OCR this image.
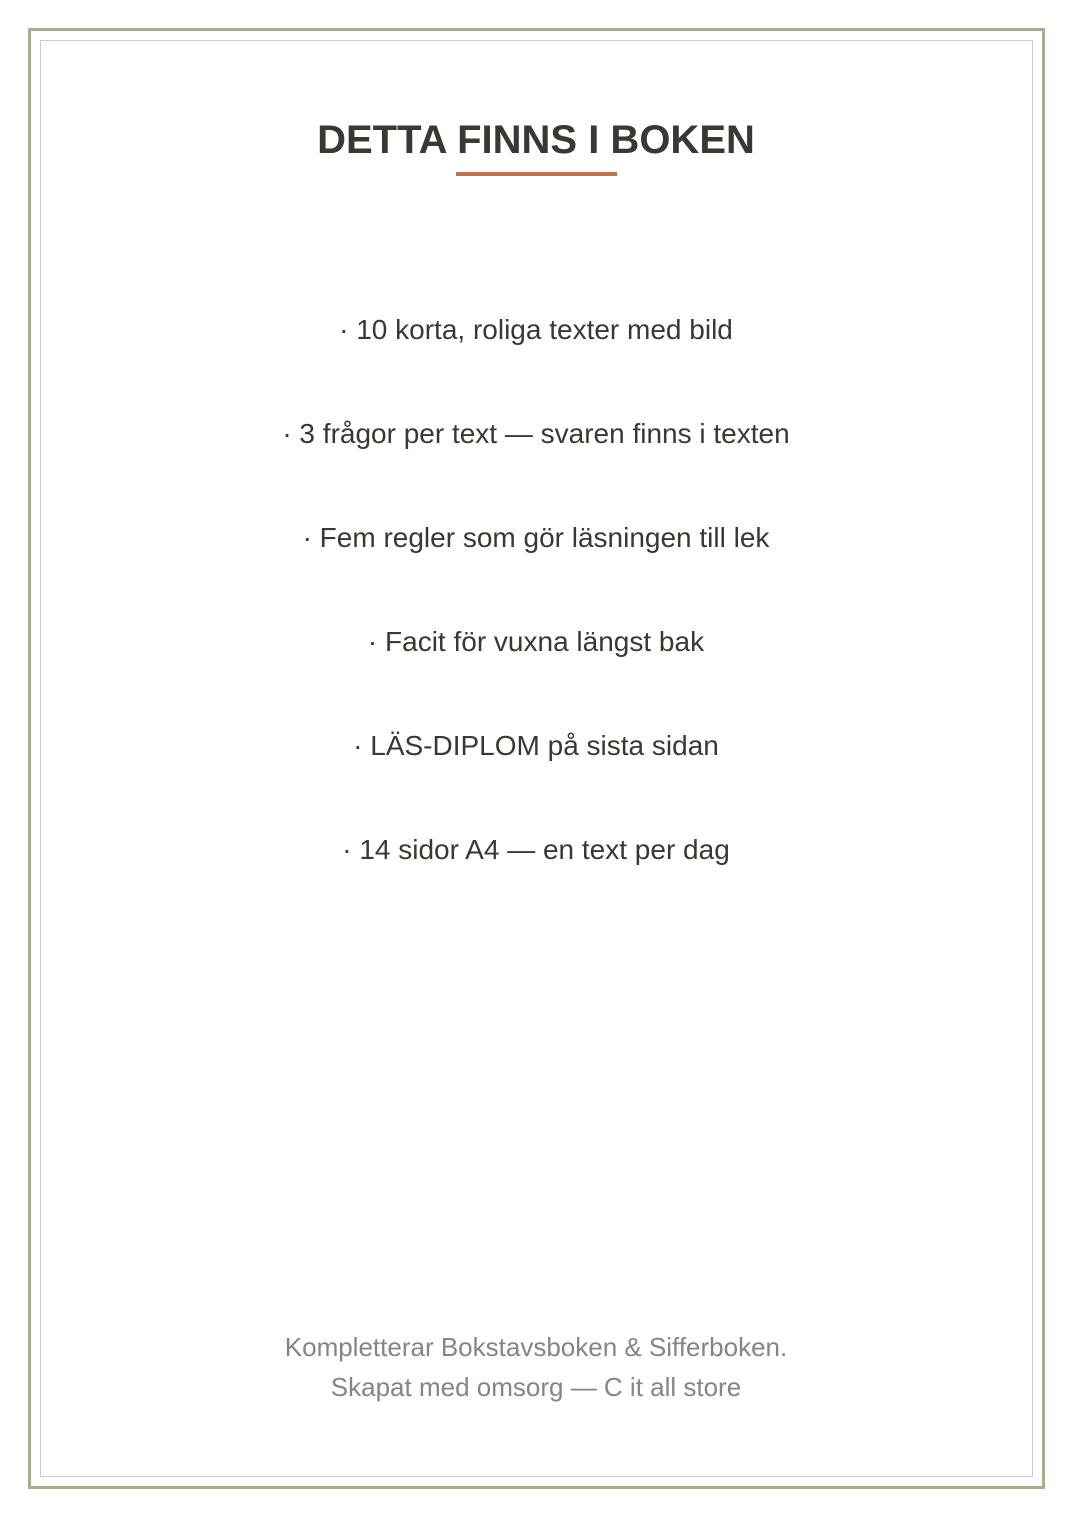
DETTA FINNS I BOKEN
· 10 korta, roliga texter med bild
· 3 frågor per text — svaren finns i texten
· Fem regler som gör läsningen till lek
· Facit för vuxna längst bak
· LÄS-DIPLOM på sista sidan
· 14 sidor A4 — en text per dag
Kompletterar Bokstavsboken & Sifferboken.
Skapat med omsorg — C it all store
